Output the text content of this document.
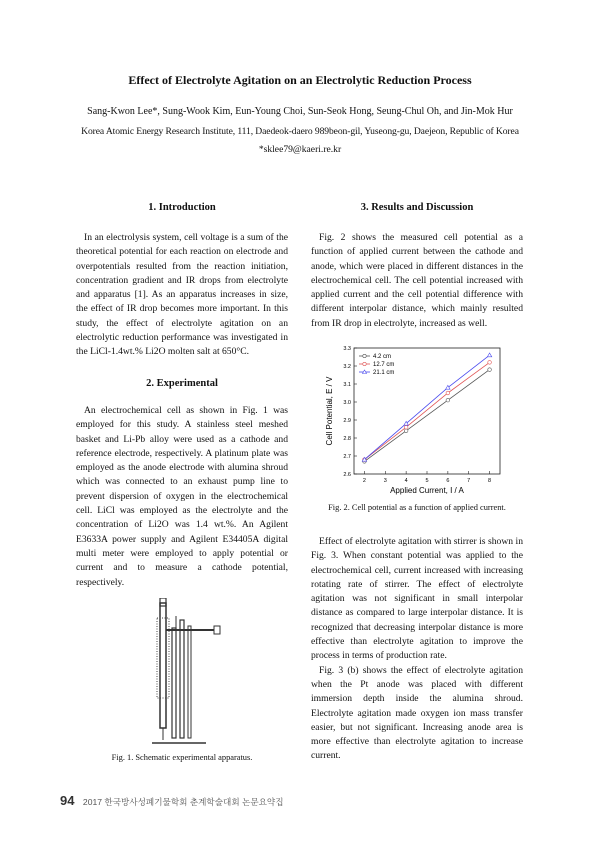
Effect of Electrolyte Agitation on an Electrolytic Reduction Process
Sang-Kwon Lee*, Sung-Wook Kim, Eun-Young Choi, Sun-Seok Hong, Seung-Chul Oh, and Jin-Mok Hur
Korea Atomic Energy Research Institute, 111, Daedeok-daero 989beon-gil, Yuseong-gu, Daejeon, Republic of Korea
*sklee79@kaeri.re.kr
1. Introduction
In an electrolysis system, cell voltage is a sum of the theoretical potential for each reaction on electrode and overpotentials resulted from the reaction initiation, concentration gradient and IR drops from electrolyte and apparatus [1]. As an apparatus increases in size, the effect of IR drop becomes more important. In this study, the effect of electrolyte agitation on an electrolytic reduction performance was investigated in the LiCl-1.4wt.% Li2O molten salt at 650°C.
2. Experimental
An electrochemical cell as shown in Fig. 1 was employed for this study. A stainless steel meshed basket and Li-Pb alloy were used as a cathode and reference electrode, respectively. A platinum plate was employed as the anode electrode with alumina shroud which was connected to an exhaust pump line to prevent dispersion of oxygen in the electrochemical cell. LiCl was employed as the electrolyte and the concentration of Li2O was 1.4 wt.%. An Agilent E3633A power supply and Agilent E34405A digital multi meter were employed to apply potential or current and to measure a cathode potential, respectively.
Fig. 1. Schematic experimental apparatus.
3. Results and Discussion
Fig. 2 shows the measured cell potential as a function of applied current between the cathode and anode, which were placed in different distances in the electrochemical cell. The cell potential increased with applied current and the cell potential difference with different interpolar distance, which mainly resulted from IR drop in electrolyte, increased as well.
2	3	4	5	6	7	8
2.6
2.7
2.8
2.9
3.0
3.1
3.2
3.3
Applied Current, I / A
Cell Potential, E / V
4.2 cm
12.7 cm
21.1 cm
Fig. 2. Cell potential as a function of applied current.

Effect of electrolyte agitation with stirrer is shown in Fig. 3. When constant potential was applied to the electrochemical cell, current increased with increasing rotating rate of stirrer. The effect of electrolyte agitation was not significant in small interpolar distance as compared to large interpolar distance. It is recognized that decreasing interpolar distance is more effective than electrolyte agitation to improve the process in terms of production rate.

Fig. 3 (b) shows the effect of electrolyte agitation when the Pt anode was placed with different immersion depth inside the alumina shroud. Electrolyte agitation made oxygen ion mass transfer easier, but not significant. Increasing anode area is more effective than electrolyte agitation to increase current.

94 2017 한국방사성폐기물학회 춘계학술대회 논문요약집
